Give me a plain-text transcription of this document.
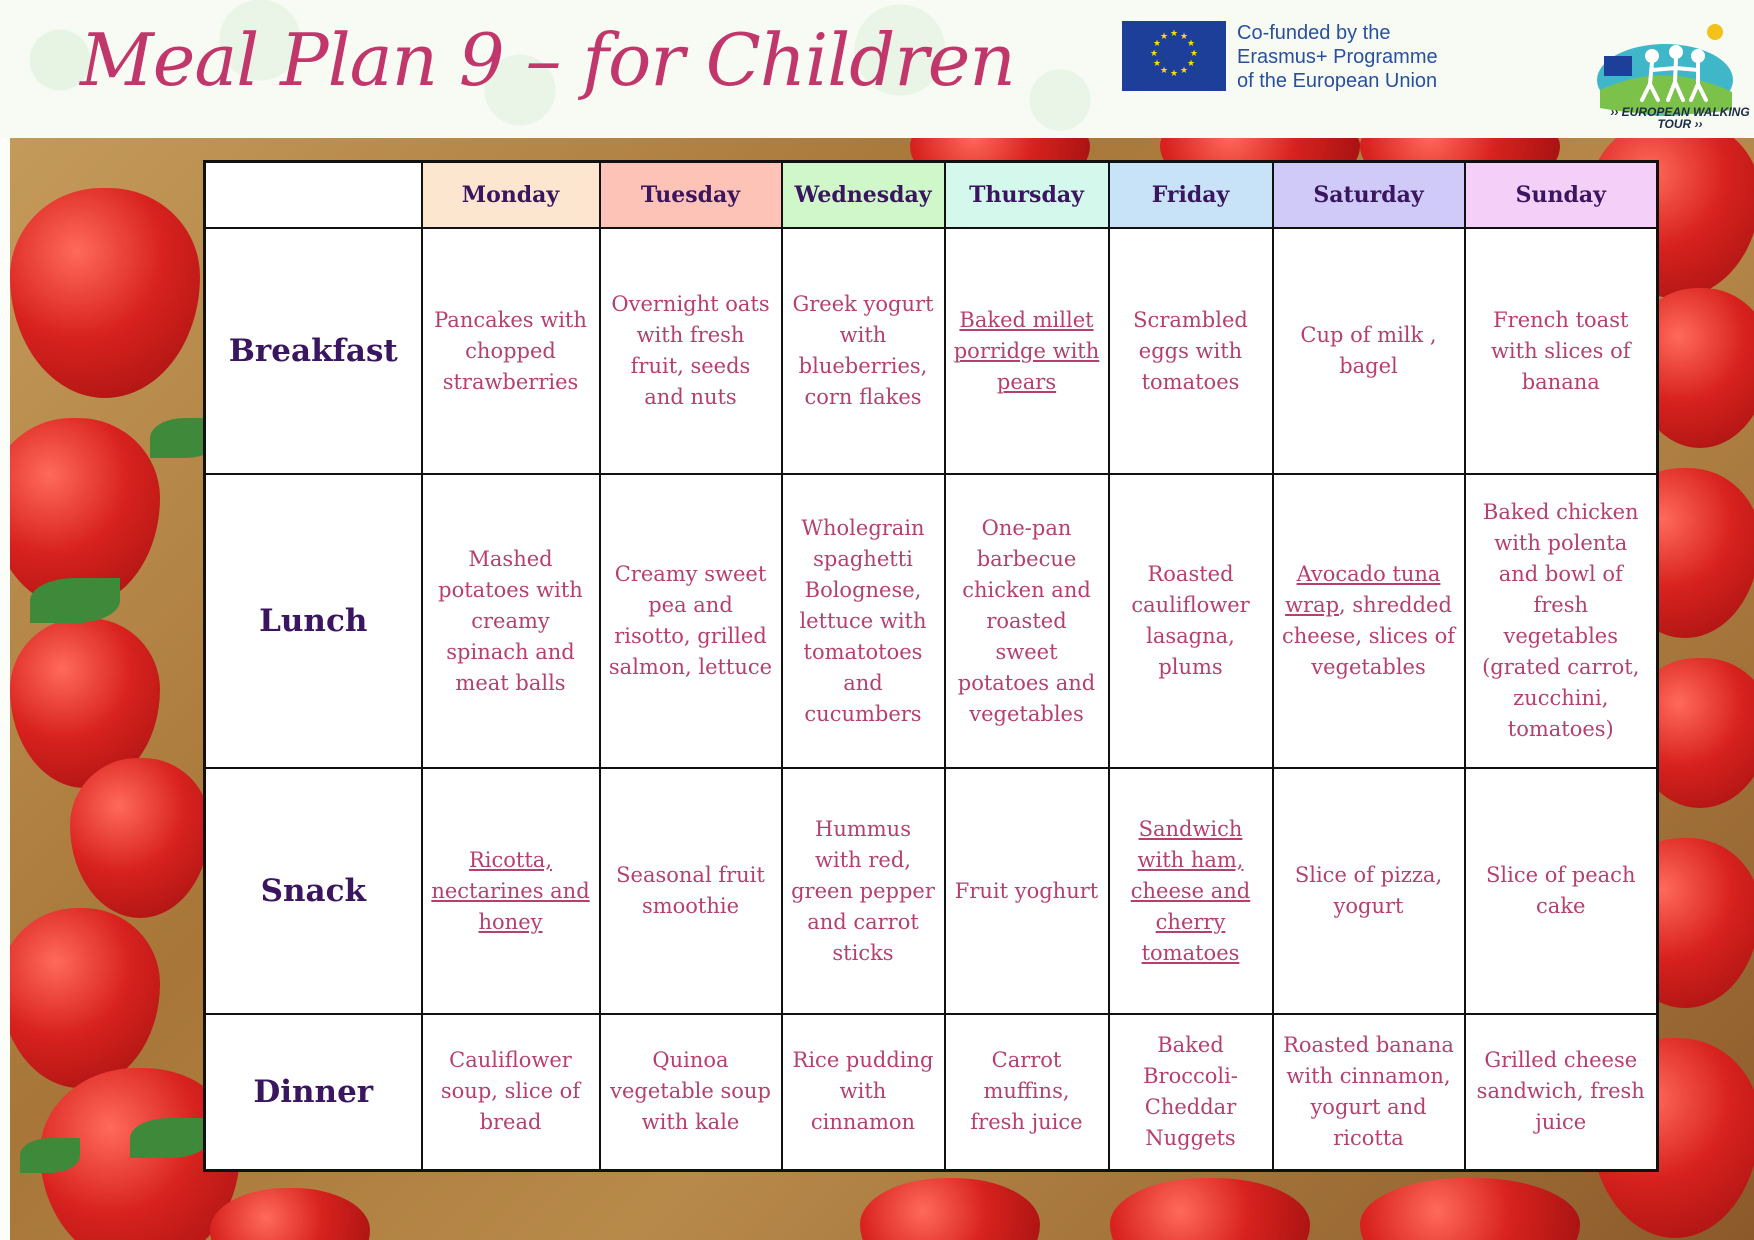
Meal Plan 9 – for Children	★ ★
★
★
★
★
★
★
★
★
★
★	Co-funded by the
Erasmus+ Programme
of the European Union
›› EUROPEAN WALKING TOUR ››
	Monday	Tuesday	Wednesday	Thursday	Friday	Saturday	Sunday
Breakfast	Pancakes with chopped strawberries	Overnight oats with fresh fruit, seeds and nuts	Greek yogurt with blueberries, corn flakes	Baked millet porridge with pears	Scrambled eggs with tomatoes	Cup of milk , bagel	French toast with slices of banana
Lunch	Mashed potatoes with creamy spinach and meat balls	Creamy sweet pea and risotto, grilled salmon, lettuce	Wholegrain spaghetti Bolognese, lettuce with tomatotoes and cucumbers	One-pan barbecue chicken and roasted sweet potatoes and vegetables	Roasted cauliflower lasagna, plums	Avocado tuna wrap, shredded cheese, slices of vegetables	Baked chicken with polenta and bowl of fresh vegetables (grated carrot, zucchini, tomatoes)
Snack	Ricotta, nectarines and honey	Seasonal fruit smoothie	Hummus with red, green pepper and carrot sticks	Fruit yoghurt	Sandwich with ham, cheese and cherry tomatoes	Slice of pizza, yogurt	Slice of peach cake
Dinner	Cauliflower soup, slice of bread	Quinoa vegetable soup with kale	Rice pudding with cinnamon	Carrot muffins, fresh juice	Baked Broccoli-Cheddar Nuggets	Roasted banana with cinnamon, yogurt and ricotta	Grilled cheese sandwich, fresh juice
